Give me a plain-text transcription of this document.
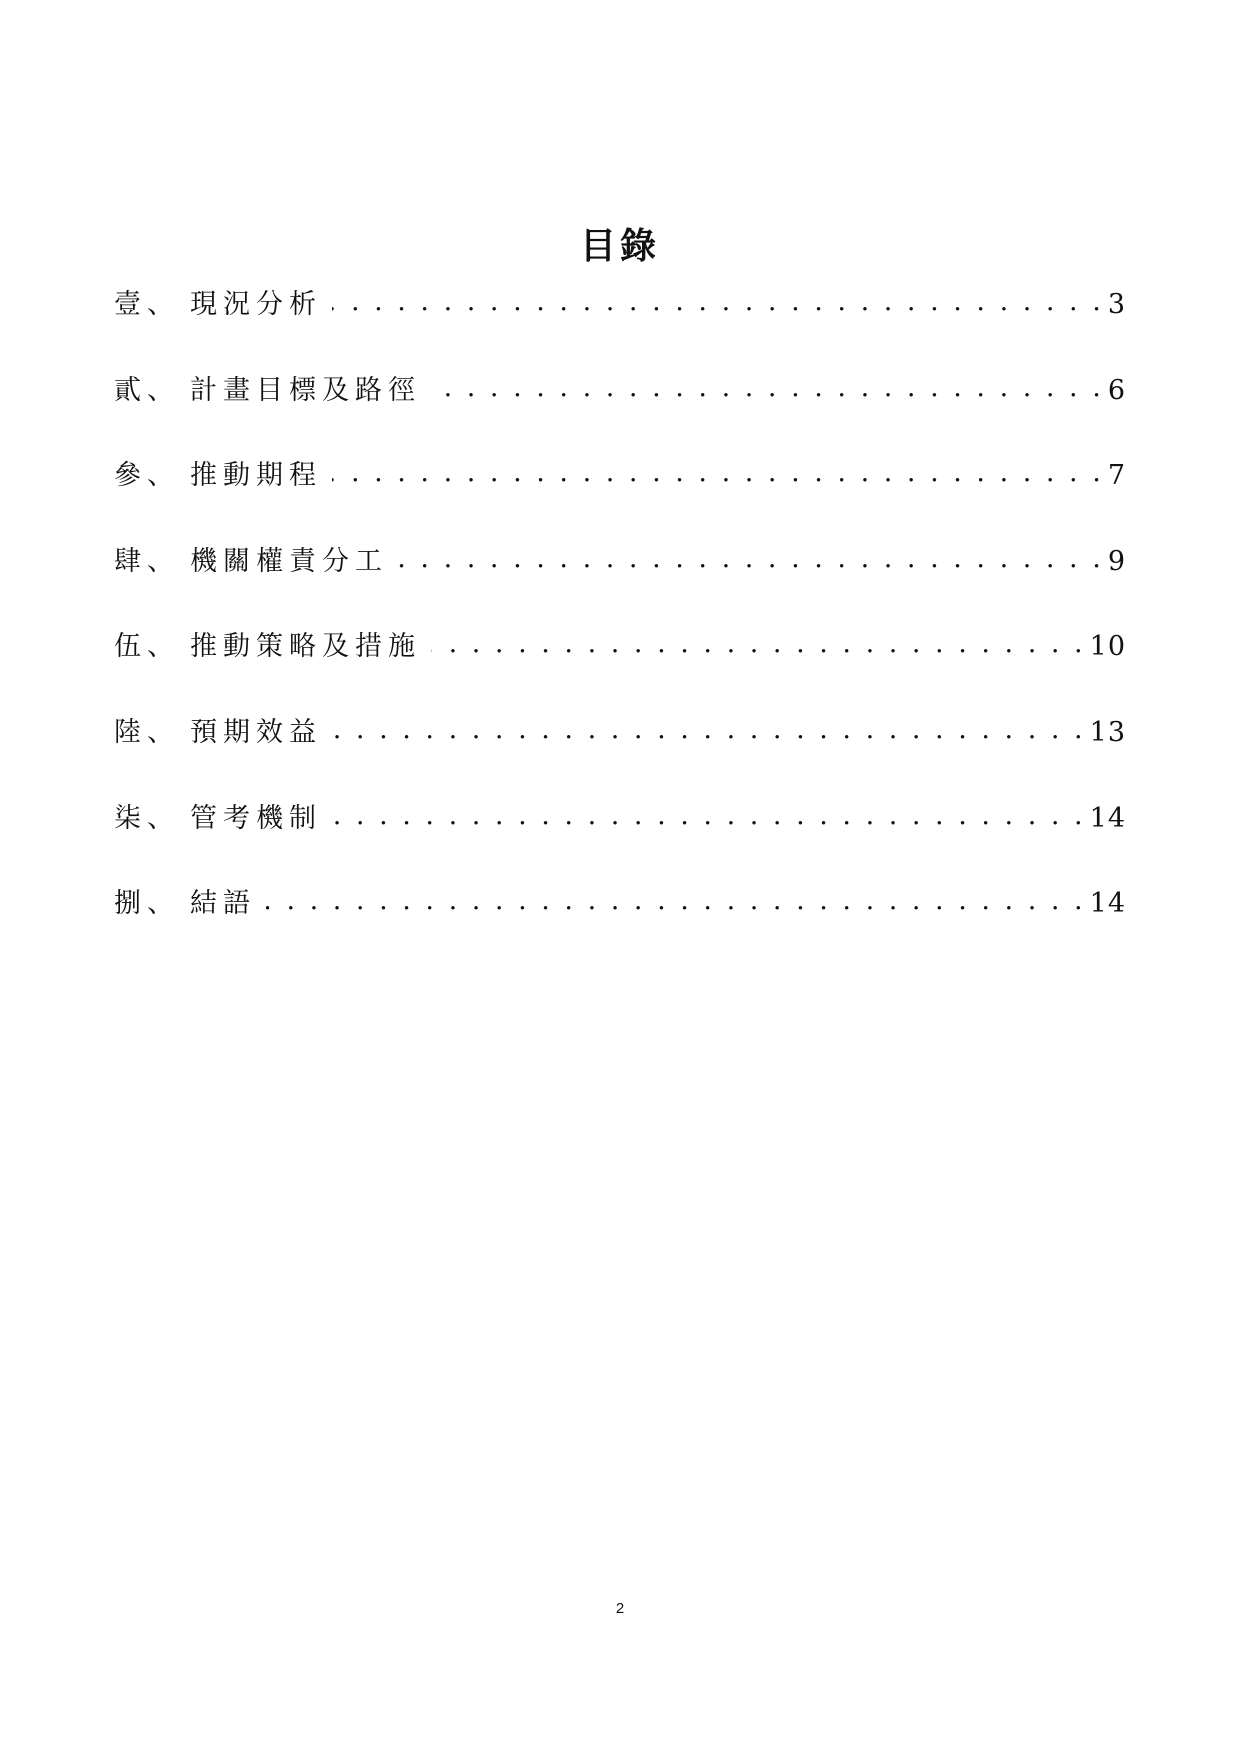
目錄
壹 、 現況分析 . . .	3
貳 、 計畫目標及路徑 . . .	6
參 、 推動期程 . . .	7
肆 、 機關權責分工 . . .	9
伍 、 推動策略及措施 . . .	10
陸 、 預期效益 . . .	13
柒 、 管考機制 . . .	14
捌 、 結語 . . .	14
2
